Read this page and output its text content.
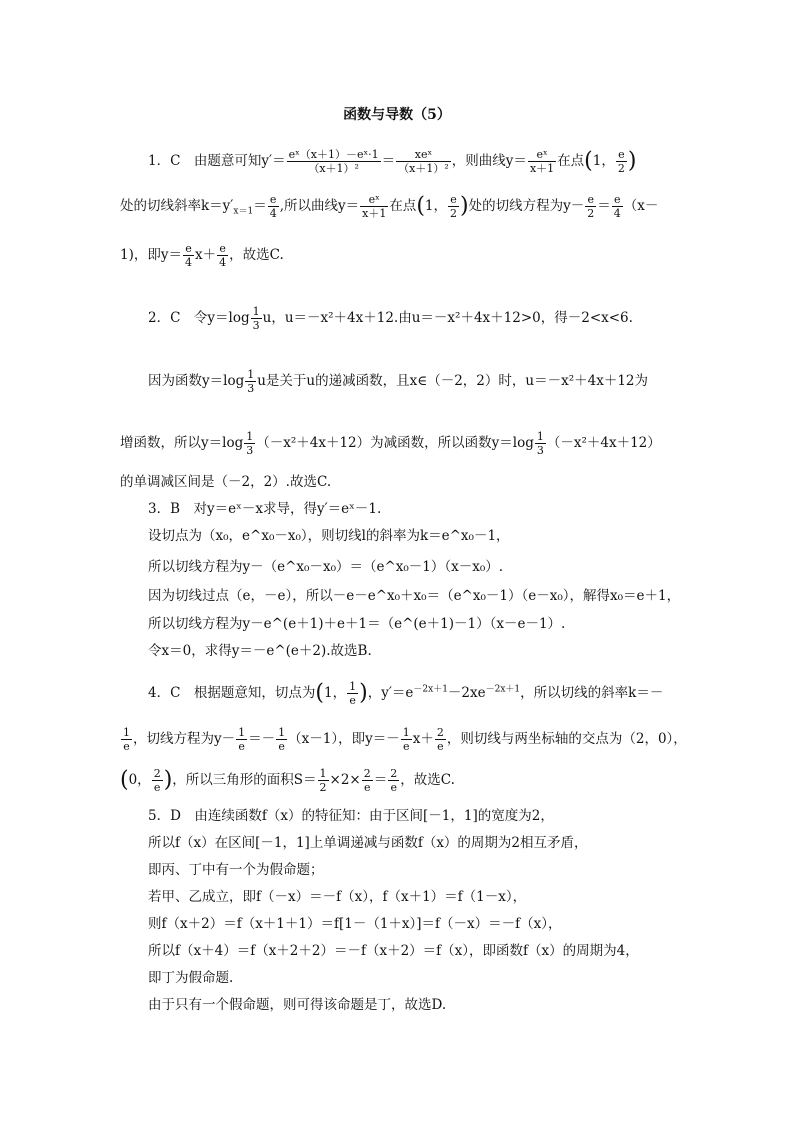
函数与导数（5）
1．C　由题意可知$y'= \frac{\text{eˣ（x＋1）－eˣ·1}}{\text{（x＋1）²}}$ ＝	xeˣ
（x＋1）² ，则曲线$y= \frac{\text{eˣ}}{x+1}$ 在点(1， $\frac{e}{2}$ )
处的切线斜率$k=y'_{x=1}= \frac{e}{4}$ ,所以曲线$y= \frac{\text{eˣ}}{x+1}$ 在点(1， $\frac{e}{2}$ )处的切线方程为$y- \frac{e}{2} = \frac{e}{4} (x-$
1)，即$y= \frac{e}{4} x+ \frac{e}{4}$ ，故选C.
2．C　令$y=\log \frac{1}{3}$ u，u＝－x²＋4x＋12.由u＝－x²＋4x＋12>0，得－2<x<6.
因为函数$y=\log \frac{1}{3}$ u是关于u的递减函数，且x∈（－2，2）时，u＝－x²＋4x＋12为
增函数，所以$y=\log \frac{1}{3} (-x^2+4x+12)$为减函数，所以函数$y=\log \frac{1}{3} (-x^2+4x+12)$
的单调减区间是（－2，2）.故选C.
3．B　对y＝eˣ－x求导，得y′＝eˣ－1.
设切点为（x₀，e^x₀－x₀），则切线l的斜率为k＝e^x₀－1，
所以切线方程为y－（e^x₀－x₀）＝（e^x₀－1）（x－x₀）.
因为切线过点（e，－e），所以－e－e^x₀＋x₀＝（e^x₀－1）（e－x₀），解得x₀＝e＋1，
所以切线方程为y－e^(e＋1)＋e＋1＝（e^(e＋1)－1）（x－e－1）.
令x＝0，求得y＝－e^(e＋2).故选B.
4．C　根据题意知，切点为(1， $\frac{1}{e}$ )，$y'=e^{-2x+1}-2xe^{-2x+1}$，所以切线的斜率k＝－
$\frac{1}{e}$ ，切线方程为$y- \frac{1}{e} =- \frac{1}{e} (x-1)$，即$y=- \frac{1}{e} x+ \frac{2}{e}$ ，则切线与两坐标轴的交点为（2，0），
(0， $\frac{2}{e}$ )，所以三角形的面积$S= \frac{1}{2} \times 2\times \frac{2}{e} = \frac{2}{e}$ ，故选C.
5．D　由连续函数f（x）的特征知：由于区间[－1，1]的宽度为2，
所以f（x）在区间[－1，1]上单调递减与函数f（x）的周期为2相互矛盾，
即丙、丁中有一个为假命题；
若甲、乙成立，即f（－x）＝－f（x），f（x＋1）＝f（1－x），
则f（x＋2）＝f（x＋1＋1）＝f[1－（1＋x）]＝f（－x）＝－f（x），
所以f（x＋4）＝f（x＋2＋2）＝－f（x＋2）＝f（x），即函数f（x）的周期为4，
即丁为假命题.
由于只有一个假命题，则可得该命题是丁，故选D.
